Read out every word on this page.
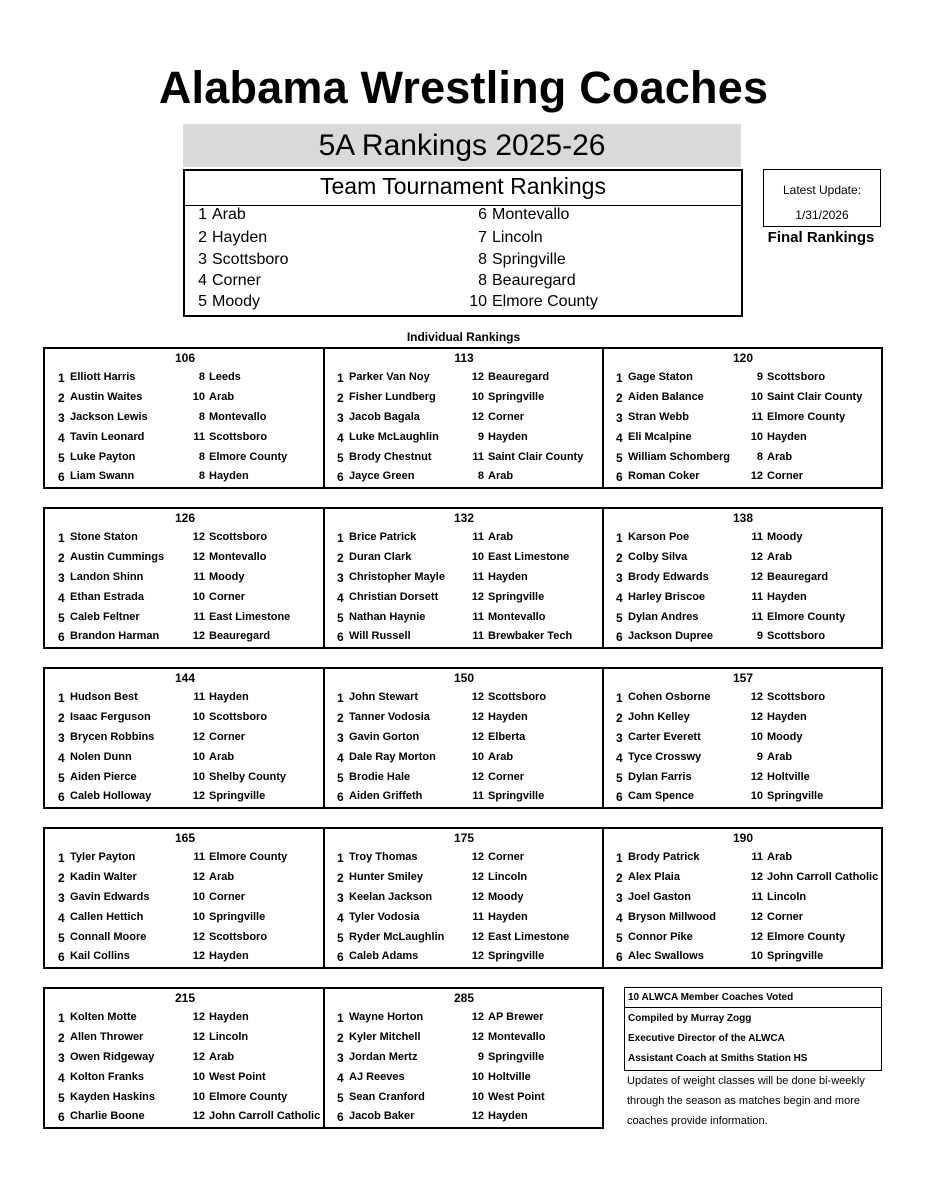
Alabama Wrestling Coaches
5A Rankings 2025-26
Team Tournament Rankings
1 Arab
2 Hayden
3 Scottsboro
4 Corner
5 Moody
6 Montevallo
7 Lincoln
8 Springville
8 Beauregard
10 Elmore County
Latest Update:
1/31/2026
Final Rankings
Individual Rankings
106
1 Elliott Harris	8 Leeds
2 Austin Waites	10 Arab
3 Jackson Lewis	8 Montevallo
4 Tavin Leonard	11 Scottsboro
5 Luke Payton	8 Elmore County
6 Liam Swann	8 Hayden
113
1 Parker Van Noy	12 Beauregard
2 Fisher Lundberg	10 Springville
3 Jacob Bagala	12 Corner
4 Luke McLaughlin	9 Hayden
5 Brody Chestnut	11 Saint Clair County
6 Jayce Green	8 Arab
120
1 Gage Staton	9 Scottsboro
2 Aiden Balance	10 Saint Clair County
3 Stran Webb	11 Elmore County
4 Eli Mcalpine	10 Hayden
5 William Schomberg	8 Arab
6 Roman Coker	12 Corner
126
1 Stone Staton	12 Scottsboro
2 Austin Cummings	12 Montevallo
3 Landon Shinn	11 Moody
4 Ethan Estrada	10 Corner
5 Caleb Feltner	11 East Limestone
6 Brandon Harman	12 Beauregard
132
1 Brice Patrick	11 Arab
2 Duran Clark	10 East Limestone
3 Christopher Mayle	11 Hayden
4 Christian Dorsett	12 Springville
5 Nathan Haynie	11 Montevallo
6 Will Russell	11 Brewbaker Tech
138
1 Karson Poe	11 Moody
2 Colby Silva	12 Arab
3 Brody Edwards	12 Beauregard
4 Harley Briscoe	11 Hayden
5 Dylan Andres	11 Elmore County
6 Jackson Dupree	9 Scottsboro
144
1 Hudson Best	11 Hayden
2 Isaac Ferguson	10 Scottsboro
3 Brycen Robbins	12 Corner
4 Nolen Dunn	10 Arab
5 Aiden Pierce	10 Shelby County
6 Caleb Holloway	12 Springville
150
1 John Stewart	12 Scottsboro
2 Tanner Vodosia	12 Hayden
3 Gavin Gorton	12 Elberta
4 Dale Ray Morton	10 Arab
5 Brodie Hale	12 Corner
6 Aiden Griffeth	11 Springville
157
1 Cohen Osborne	12 Scottsboro
2 John Kelley	12 Hayden
3 Carter Everett	10 Moody
4 Tyce Crosswy	9 Arab
5 Dylan Farris	12 Holtville
6 Cam Spence	10 Springville
165
1 Tyler Payton	11 Elmore County
2 Kadin Walter	12 Arab
3 Gavin Edwards	10 Corner
4 Callen Hettich	10 Springville
5 Connall Moore	12 Scottsboro
6 Kail Collins	12 Hayden
175
1 Troy Thomas	12 Corner
2 Hunter Smiley	12 Lincoln
3 Keelan Jackson	12 Moody
4 Tyler Vodosia	11 Hayden
5 Ryder McLaughlin	12 East Limestone
6 Caleb Adams	12 Springville
190
1 Brody Patrick	11 Arab
2 Alex Plaia	12 John Carroll Catholic
3 Joel Gaston	11 Lincoln
4 Bryson Millwood	12 Corner
5 Connor Pike	12 Elmore County
6 Alec Swallows	10 Springville
215
1 Kolten Motte	12 Hayden
2 Allen Thrower	12 Lincoln
3 Owen Ridgeway	12 Arab
4 Kolton Franks	10 West Point
5 Kayden Haskins	10 Elmore County
6 Charlie Boone	12 John Carroll Catholic
285
1 Wayne Horton	12 AP Brewer
2 Kyler Mitchell	12 Montevallo
3 Jordan Mertz	9 Springville
4 AJ Reeves	10 Holtville
5 Sean Cranford	10 West Point
6 Jacob Baker	12 Hayden
10 ALWCA Member Coaches Voted
Compiled by Murray Zogg
Executive Director of the ALWCA
Assistant Coach at Smiths Station HS
Updates of weight classes will be done bi-weekly through the season as matches begin and more coaches provide information.
